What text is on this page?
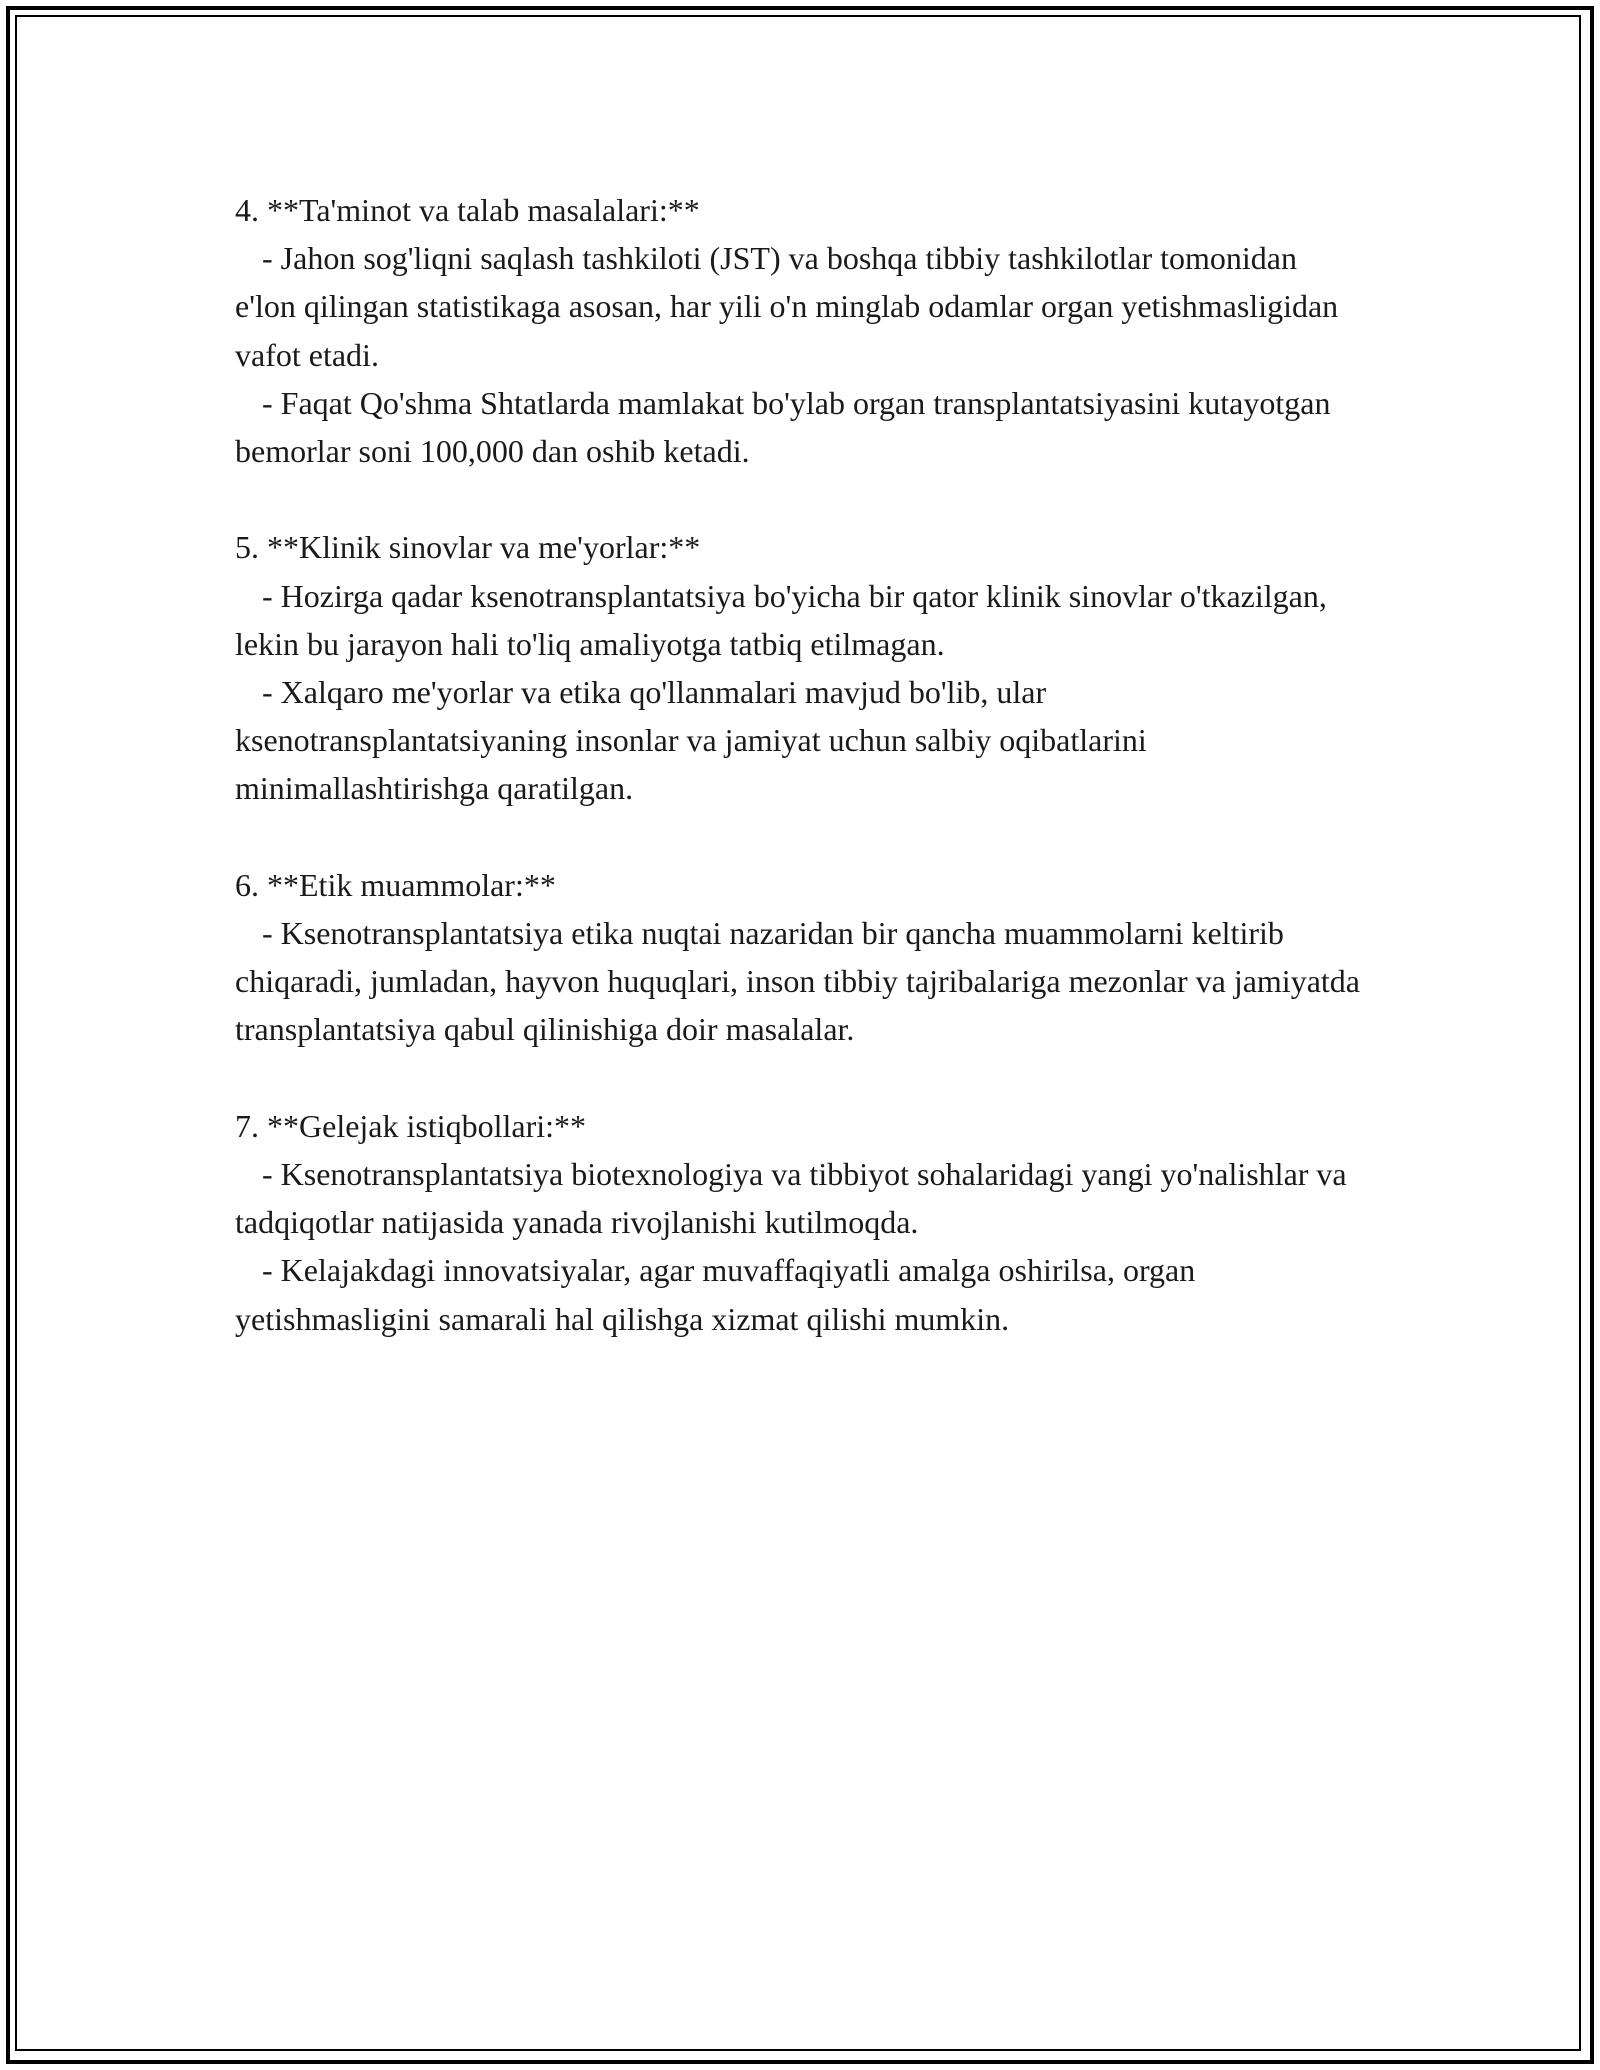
4. **Ta'minot va talab masalalari:**

- Jahon sog'liqni saqlash tashkiloti (JST) va boshqa tibbiy tashkilotlar tomonidan e'lon qilingan statistikaga asosan, har yili o'n minglab odamlar organ yetishmasligidan vafot etadi.

- Faqat Qo'shma Shtatlarda mamlakat bo'ylab organ transplantatsiyasini kutayotgan bemorlar soni 100,000 dan oshib ketadi.

5. **Klinik sinovlar va me'yorlar:**

- Hozirga qadar ksenotransplantatsiya bo'yicha bir qator klinik sinovlar o'tkazilgan, lekin bu jarayon hali to'liq amaliyotga tatbiq etilmagan.

- Xalqaro me'yorlar va etika qo'llanmalari mavjud bo'lib, ular ksenotransplantatsiyaning insonlar va jamiyat uchun salbiy oqibatlarini minimallashtirishga qaratilgan.

6. **Etik muammolar:**

- Ksenotransplantatsiya etika nuqtai nazaridan bir qancha muammolarni keltirib chiqaradi, jumladan, hayvon huquqlari, inson tibbiy tajribalariga mezonlar va jamiyatda transplantatsiya qabul qilinishiga doir masalalar.

7. **Gelejak istiqbollari:**

- Ksenotransplantatsiya biotexnologiya va tibbiyot sohalaridagi yangi yo'nalishlar va tadqiqotlar natijasida yanada rivojlanishi kutilmoqda.

- Kelajakdagi innovatsiyalar, agar muvaffaqiyatli amalga oshirilsa, organ yetishmasligini samarali hal qilishga xizmat qilishi mumkin.
